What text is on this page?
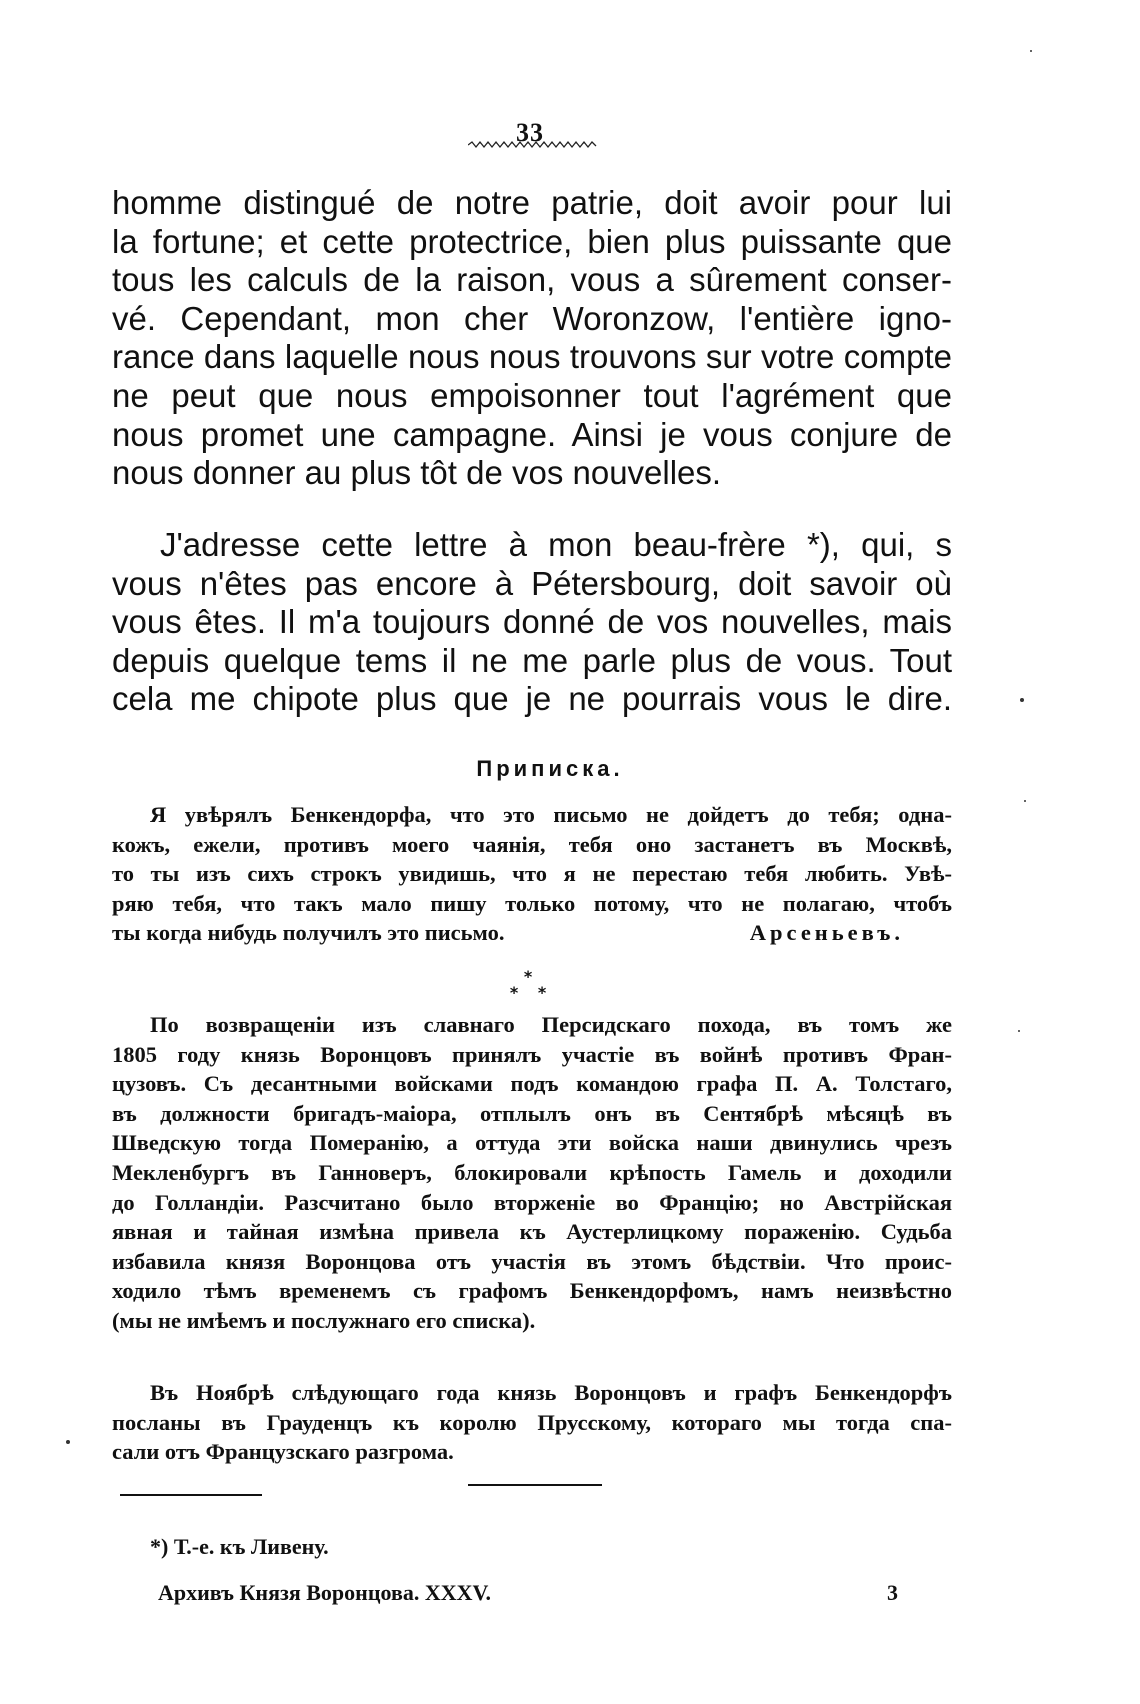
33
homme distingué de notre patrie, doit avoir pour lui
la fortune; et cette protectrice, bien plus puissante que
tous les calculs de la raison, vous a sûrement conser-
vé. Cependant, mon cher Woronzow, l'entière igno-
rance dans laquelle nous nous trouvons sur votre compte
ne peut que nous empoisonner tout l'agrément que
nous promet une campagne. Ainsi je vous conjure de
nous donner au plus tôt de vos nouvelles.
J'adresse cette lettre à mon beau-frère *), qui, s
vous n'êtes pas encore à Pétersbourg, doit savoir où
vous êtes. Il m'a toujours donné de vos nouvelles, mais
depuis quelque tems il ne me parle plus de vous. Tout
cela me chipote plus que je ne pourrais vous le dire.
Приписка.
Я увѣрялъ Бенкендорфа, что это письмо не дойдетъ до тебя; одна-
кожъ, ежели, противъ моего чаянія, тебя оно застанетъ въ Москвѣ,
то ты изъ сихъ строкъ увидишь, что я не перестаю тебя любить. Увѣ-
ряю тебя, что такъ мало пишу только потому, что не полагаю, чтобъ
ты когда нибудь получилъ это письмо.	Арсеньевъ.
*
* *
По возвращеніи изъ славнаго Персидскаго похода, въ томъ же
1805 году князь Воронцовъ принялъ участіе въ войнѣ противъ Фран-
цузовъ. Съ десантными войсками подъ командою графа П. А. Толстаго,
въ должности бригадъ-маіора, отплылъ онъ въ Сентябрѣ мѣсяцѣ въ
Шведскую тогда Померанію, а оттуда эти войска наши двинулись чрезъ
Мекленбургъ въ Ганноверъ, блокировали крѣпость Гамель и доходили
до Голландіи. Разсчитано было вторженіе во Францію; но Австрійская
явная и тайная измѣна привела къ Аустерлицкому пораженію. Судьба
избавила князя Воронцова отъ участія въ этомъ бѣдствіи. Что проис-
ходило тѣмъ временемъ съ графомъ Бенкендорфомъ, намъ неизвѣстно
(мы не имѣемъ и послужнаго его списка).
Въ Ноябрѣ слѣдующаго года князь Воронцовъ и графъ Бенкендорфъ
посланы въ Грауденцъ къ королю Прусскому, котораго мы тогда спа-
сали отъ Французскаго разгрома.
*) Т.-е. къ Ливену.
Архивъ Князя Воронцова. XXXV.	3
